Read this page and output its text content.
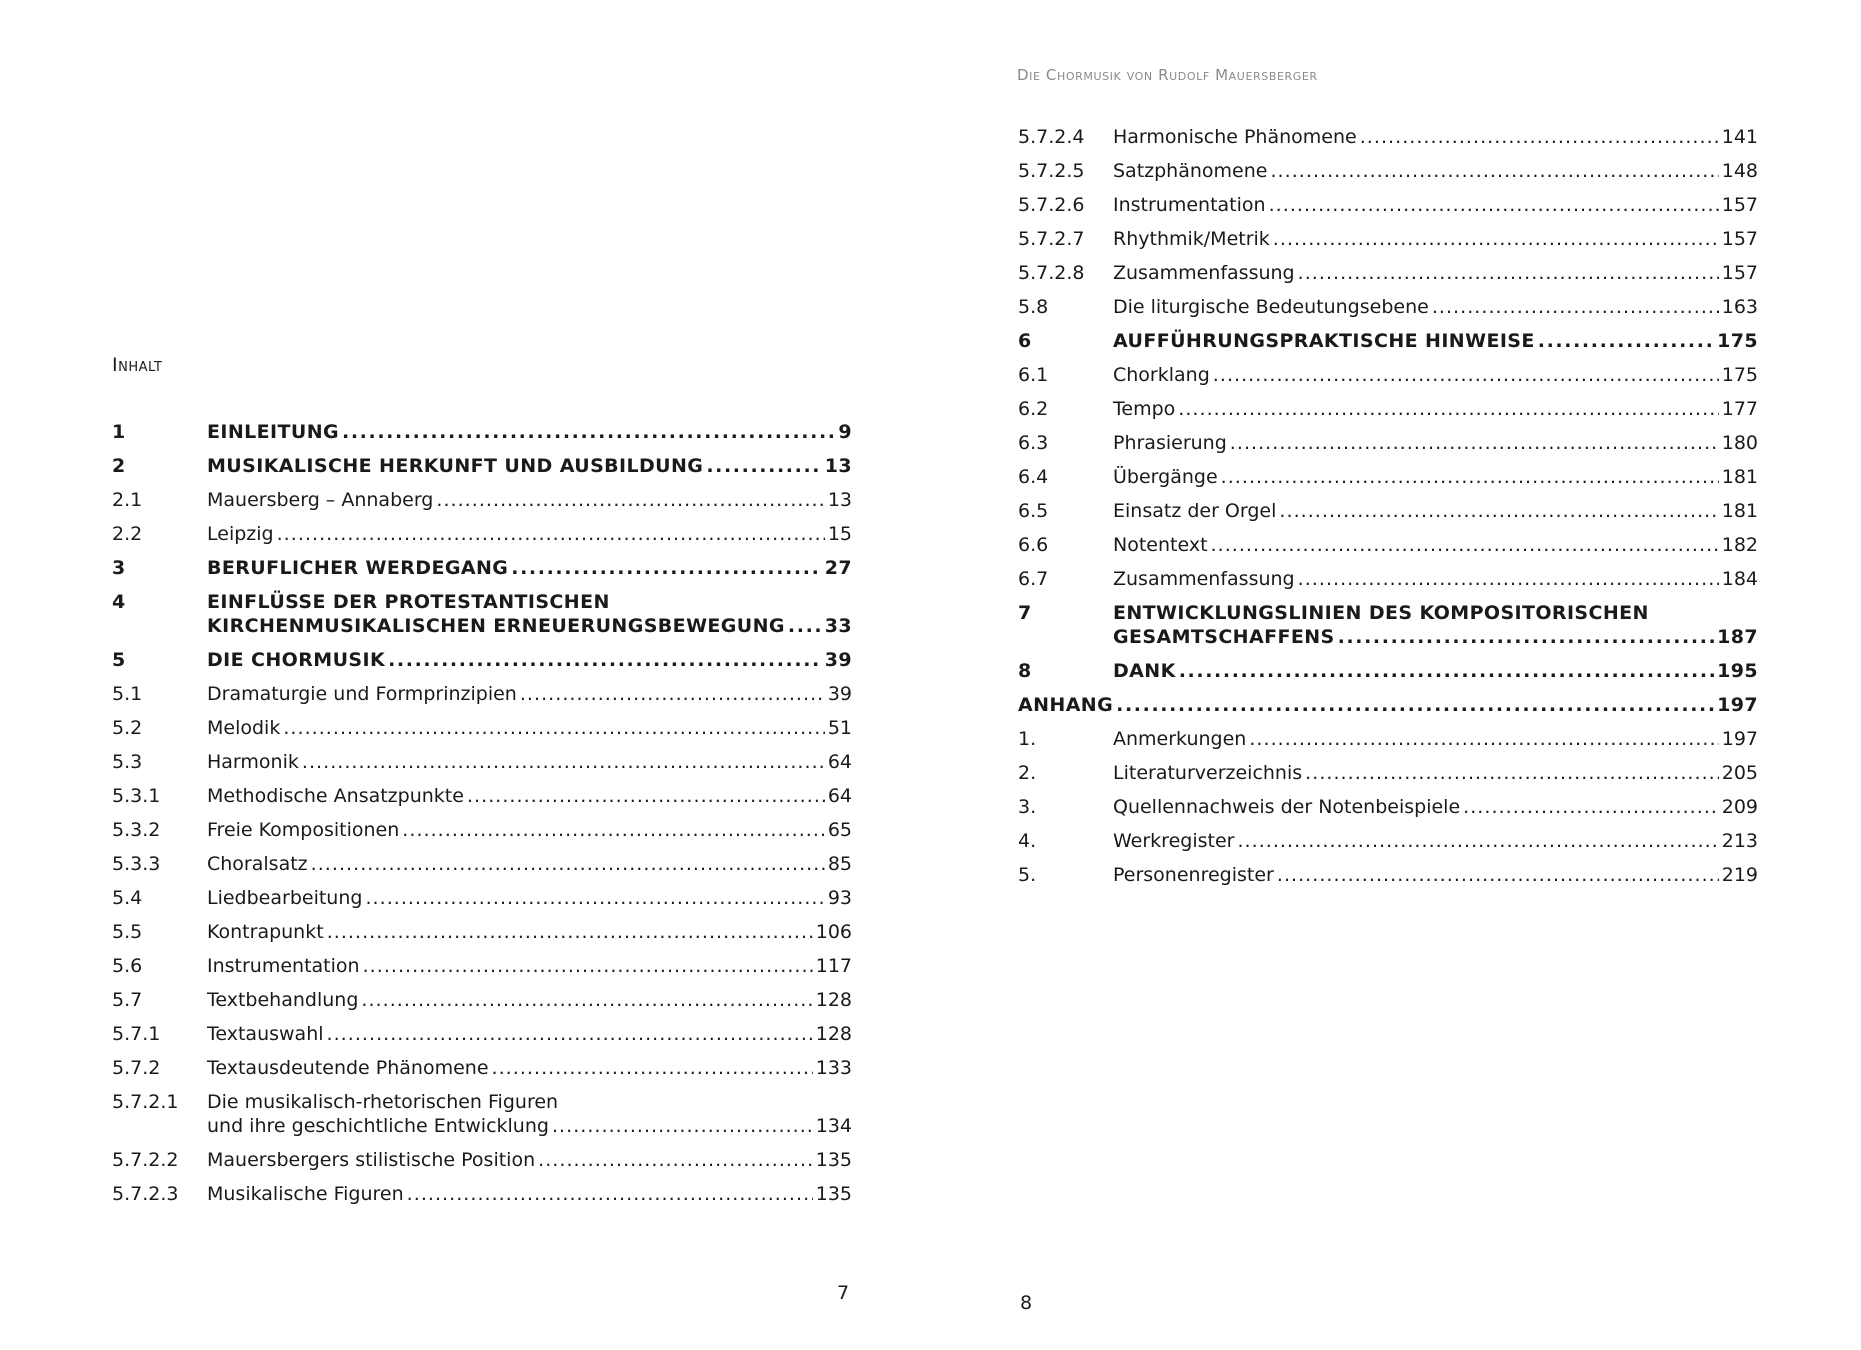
Die Chormusik von Rudolf Mauersberger
Inhalt
1	EINLEITUNG . . .	9
2	MUSIKALISCHE HERKUNFT UND AUSBILDUNG . . .	13
2.1	Mauersberg – Annaberg . . .	13
2.2	Leipzig . . .	15
3	BERUFLICHER WERDEGANG . . .	27
4	EINFLÜSSE DER PROTESTANTISCHEN
KIRCHENMUSIKALISCHEN ERNEUERUNGSBEWEGUNG . . . 33
5	DIE CHORMUSIK . . .	39
5.1	Dramaturgie und Formprinzipien . . .	39
5.2	Melodik . . .	51
5.3	Harmonik . . .	64
5.3.1	Methodische Ansatzpunkte . . .	64
5.3.2	Freie Kompositionen . . .	65
5.3.3	Choralsatz . . .	85
5.4	Liedbearbeitung . . .	93
5.5	Kontrapunkt . . .	106
5.6	Instrumentation . . .	117
5.7	Textbehandlung . . .	128
5.7.1	Textauswahl . . .	128
5.7.2	Textausdeutende Phänomene . . .	133
5.7.2.1	Die musikalisch-rhetorischen Figuren
und ihre geschichtliche Entwicklung . . .	134
5.7.2.2	Mauersbergers stilistische Position . . .	135
5.7.2.3	Musikalische Figuren . . .	135
5.7.2.4	Harmonische Phänomene . . .	141
5.7.2.5	Satzphänomene . . .	148
5.7.2.6	Instrumentation . . .	157
5.7.2.7	Rhythmik/Metrik . . .	157
5.7.2.8	Zusammenfassung . . .	157
5.8	Die liturgische Bedeutungsebene . . .	163
6	AUFFÜHRUNGSPRAKTISCHE HINWEISE . . .	175
6.1	Chorklang . . .	175
6.2	Tempo . . .	177
6.3	Phrasierung . . .	180
6.4	Übergänge . . .	181
6.5	Einsatz der Orgel . . .	181
6.6	Notentext . . .	182
6.7	Zusammenfassung . . .	184
7	ENTWICKLUNGSLINIEN DES KOMPOSITORISCHEN
GESAMTSCHAFFENS . . .	187
8	DANK . . .	195
ANHANG . . .	197
1.	Anmerkungen . . .	197
2.	Literaturverzeichnis . . .	205
3.	Quellennachweis der Notenbeispiele . . .	209
4.	Werkregister . . .	213
5.	Personenregister . . .	219
7	8
